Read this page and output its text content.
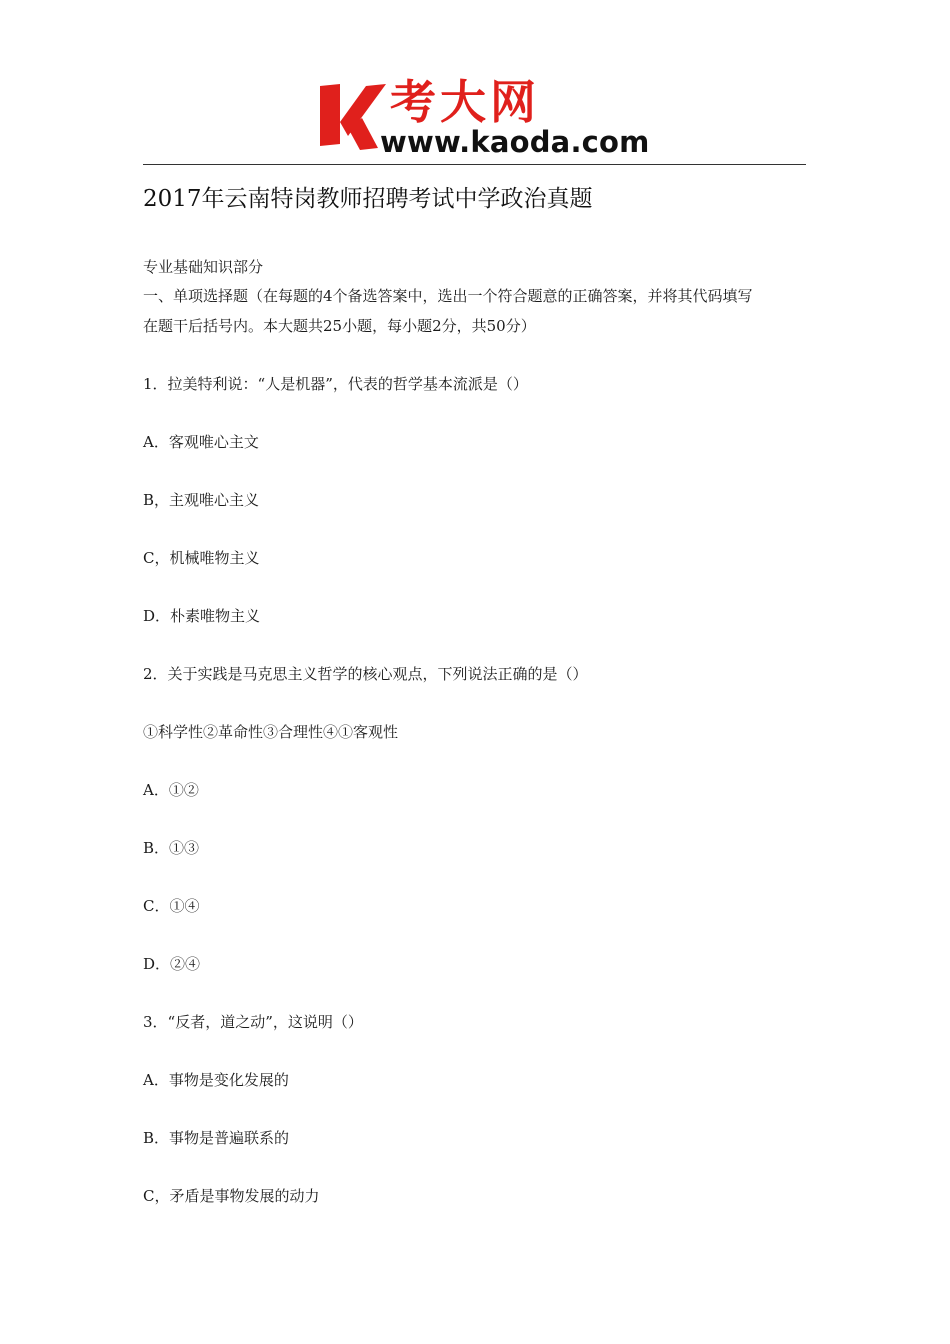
考大网
www.kaoda.com
2017年云南特岗教师招聘考试中学政治真题
专业基础知识部分
一、单项选择题（在每题的4个备选答案中，选出一个符合题意的正确答案，并将其代码填写
在题干后括号内。本大题共25小题，每小题2分，共50分）
1．拉美特利说：“人是机器”，代表的哲学基本流派是（）
A．客观唯心主文
B，主观唯心主义
C，机械唯物主义
D．朴素唯物主义
2．关于实践是马克思主义哲学的核心观点，下列说法正确的是（）
①科学性②革命性③合理性④①客观性
A．①②
B．①③
C．①④
D．②④
3．“反者，道之动”，这说明（）
A．事物是变化发展的
B．事物是普遍联系的
C，矛盾是事物发展的动力
